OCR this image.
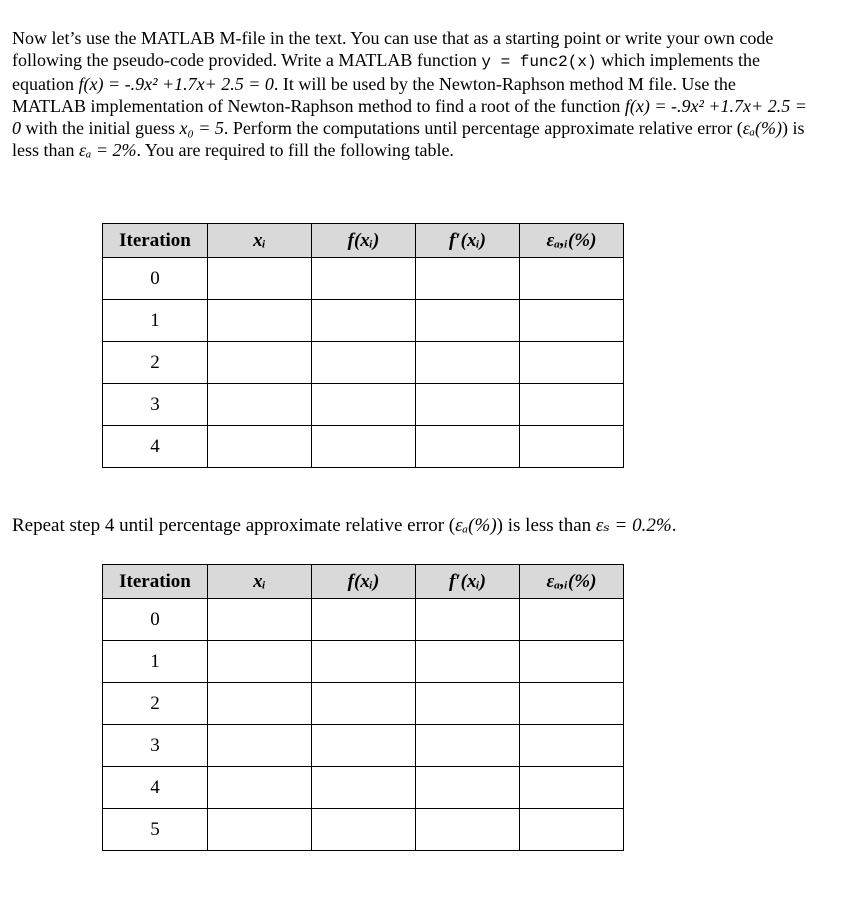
Now let’s use the MATLAB M-file in the text. You can use that as a starting point or write your own code following the pseudo-code provided. Write a MATLAB function y = func2(x) which implements the equation f(x) = -.9x² +1.7x+ 2.5 = 0. It will be used by the Newton-Raphson method M file. Use the MATLAB implementation of Newton-Raphson method to find a root of the function f(x) = -.9x² +1.7x+ 2.5 = 0 with the initial guess x₀ = 5. Perform the computations until percentage approximate relative error (εₐ(%)) is less than εₐ = 2%. You are required to fill the following table.

Iteration	xᵢ	f(xᵢ)	f′(xᵢ)	εₐ,ᵢ(%)
0				
1				
2				
3				
4				

Repeat step 4 until percentage approximate relative error (εₐ(%)) is less than εₛ = 0.2%.

Iteration	xᵢ	f(xᵢ)	f′(xᵢ)	εₐ,ᵢ(%)
0				
1				
2				
3				
4				
5				
